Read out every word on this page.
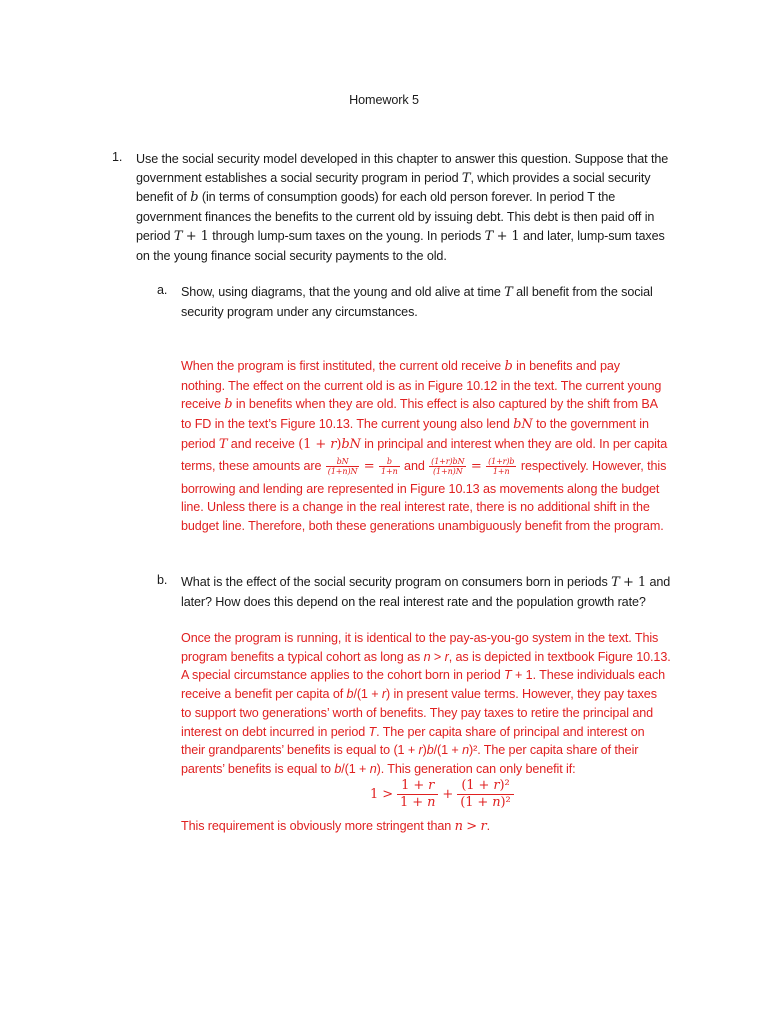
Homework 5
1. Use the social security model developed in this chapter to answer this question. Suppose that the
government establishes a social security program in period T, which provides a social security
benefit of b (in terms of consumption goods) for each old person forever. In period T the
government finances the benefits to the current old by issuing debt. This debt is then paid off in
period T + 1 through lump-sum taxes on the young. In periods T + 1 and later, lump-sum taxes
on the young finance social security payments to the old.
a. Show, using diagrams, that the young and old alive at time T all benefit from the social
security program under any circumstances.
When the program is first instituted, the current old receive b in benefits and pay
nothing. The effect on the current old is as in Figure 10.12 in the text. The current young
receive b in benefits when they are old. This effect is also captured by the shift from BA
to FD in the text’s Figure 10.13. The current young also lend bN to the government in
period T and receive (1 + r)bN in principal and interest when they are old. In per capita
terms, these amounts are $\frac{bN}{(1+n)N} = \frac{b}{1+n}$ and $\frac{(1+r)bN}{(1+n)N} = \frac{(1+r)b}{1+n}$ respectively. However, this
borrowing and lending are represented in Figure 10.13 as movements along the budget
line. Unless there is a change in the real interest rate, there is no additional shift in the
budget line. Therefore, both these generations unambiguously benefit from the program.
b. What is the effect of the social security program on consumers born in periods T + 1 and
later? How does this depend on the real interest rate and the population growth rate?
Once the program is running, it is identical to the pay-as-you-go system in the text. This
program benefits a typical cohort as long as n > r, as is depicted in textbook Figure 10.13.
A special circumstance applies to the cohort born in period T + 1. These individuals each
receive a benefit per capita of b/(1 + r) in present value terms. However, they pay taxes
to support two generations’ worth of benefits. They pay taxes to retire the principal and
interest on debt incurred in period T. The per capita share of principal and interest on
their grandparents’ benefits is equal to (1 + r)b/(1 + n)². The per capita share of their
parents’ benefits is equal to b/(1 + n). This generation can only benefit if:
$1 > \frac{1 + r}{1 + n} + \frac{\text{(1 + r)²}}{\text{(1 + n)²}}$
This requirement is obviously more stringent than n > r.
